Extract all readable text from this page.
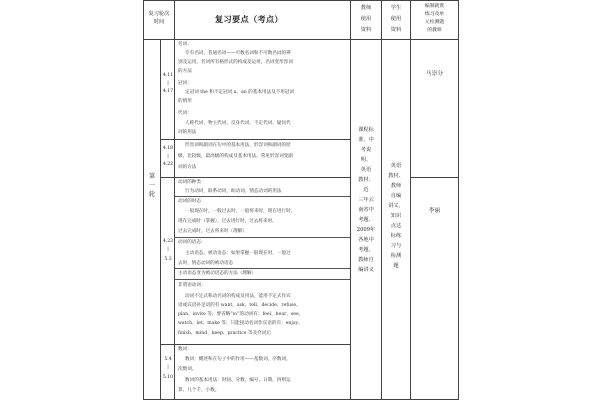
复习轮次
时间	复习要点（考点）
教师
使用
资料
学生
使用
资料
编制就资
练习及单
元检测题
的教师
第
一
轮
4.11
|
4.17
4.18
|
4.22
4.23
|
5.3
5.4
|
5.10
名词：
专有名词，普通名词——可数名词和不可数名词的辨
别及运用，名词所有格形式的构成及运用，名词变形容词
的方法
冠词：
定冠词 the 和不定冠词 a、an 的基本用法及不用冠词
的情形
代词：
人称代词、物主代词、反身代词、不定代词、疑问代
词的用法
形容词和副词在句中的基本用法，形容词和副词的原
级，比较级，最高级的构成及基本用法，常见形容词变副
词的方法
动词的种类：
行为动词，联系动词，助动词，情态动词的用法
动词的时态：
一般现在时，一般过去时，一般将来时，现在进行时，
现在完成时（掌握），过去进行时，过去将来时，
过去完成时，过去将来时（理解）
动词的语态：
主动语态，被动语态：如果掌握一般现在时，一般过
去时，情态动词的被动语态
主动语态变为被动语态的方法（理解）
非谓语动词：
动词不定式和动名词的构成及用法，能用不定式作宾
语或宾语补足语的有 want、ask、tell、decide、refuse、
plan、invite 等；要省略“to”的动词有：feel、hear、see、
watch、let、make 等；只能接动名词作宾语的有：enjoy、
finish、mind、keep、practice 等及介词后
数词：
数词：概述和在句子中的作用——基数词，序数词，
次数词。
数词的基本用法：时间、分数、编号、日期、四则运
算、几个千、小数。
课程标
准、中
考说
明、
英语
教材、
近
三年云
南省中
考题、
2009年
各地中
考题、
教师自
编讲义
英语
教材、
教师
自编
讲义、
知识
点达
标练
习与
检测
题
马崇分
李丽
